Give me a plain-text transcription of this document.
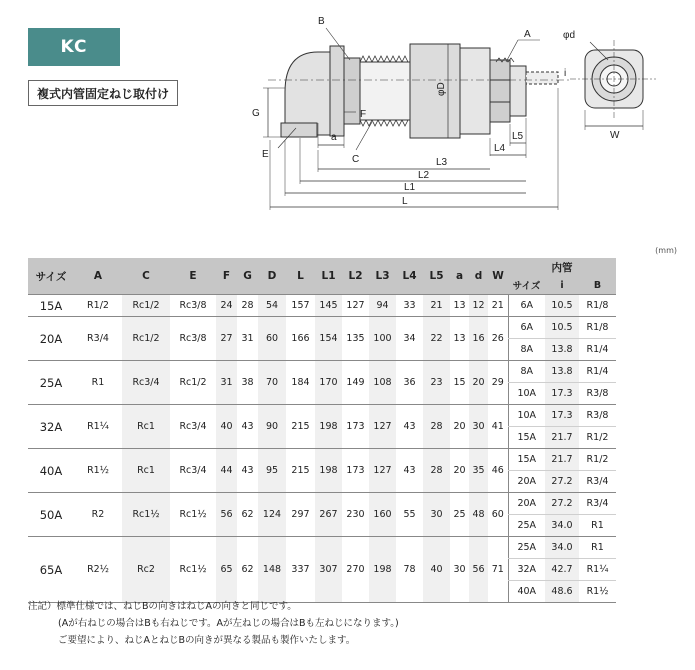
KC
複式内管固定ねじ取付け
B
A	φd
G
φD
F
a
C
E
L5
L4
L3
L2
L1
L
W
i
(mm)
サイズ	A	C	E	F	G	D	L	L1	L2	L3	L4	L5	a	d	W	内管		
																サイズ	i	B
15A	R1/2	Rc1/2	Rc3/8	24	28	54	157	145	127	94	33	21	13	12	21	6A	10.5	R1/8
20A	R3/4	Rc1/2	Rc3/8	27	31	60	166	154	135	100	34	22	13	16	26	6A	10.5	R1/8
																8A	13.8	R1/4
25A	R1	Rc3/4	Rc1/2	31	38	70	184	170	149	108	36	23	15	20	29	8A	13.8	R1/4
																10A	17.3	R3/8
32A	R1¼	Rc1	Rc3/4	40	43	90	215	198	173	127	43	28	20	30	41	10A	17.3	R3/8
																15A	21.7	R1/2
40A	R1½	Rc1	Rc3/4	44	43	95	215	198	173	127	43	28	20	35	46	15A	21.7	R1/2
																20A	27.2	R3/4
50A	R2	Rc1½	Rc1½	56	62	124	297	267	230	160	55	30	25	48	60	20A	27.2	R3/4
																25A	34.0	R1
65A	R2½	Rc2	Rc1½	65	62	148	337	307	270	198	78	40	30	56	71	25A	34.0	R1
																32A	42.7	R1¼
																40A	48.6	R1½
注記）標準仕様では、ねじBの向きはねじAの向きと同じです。
(Aが右ねじの場合はBも右ねじです。Aが左ねじの場合はBも左ねじになります。)
ご要望により、ねじAとねじBの向きが異なる製品も製作いたします。
